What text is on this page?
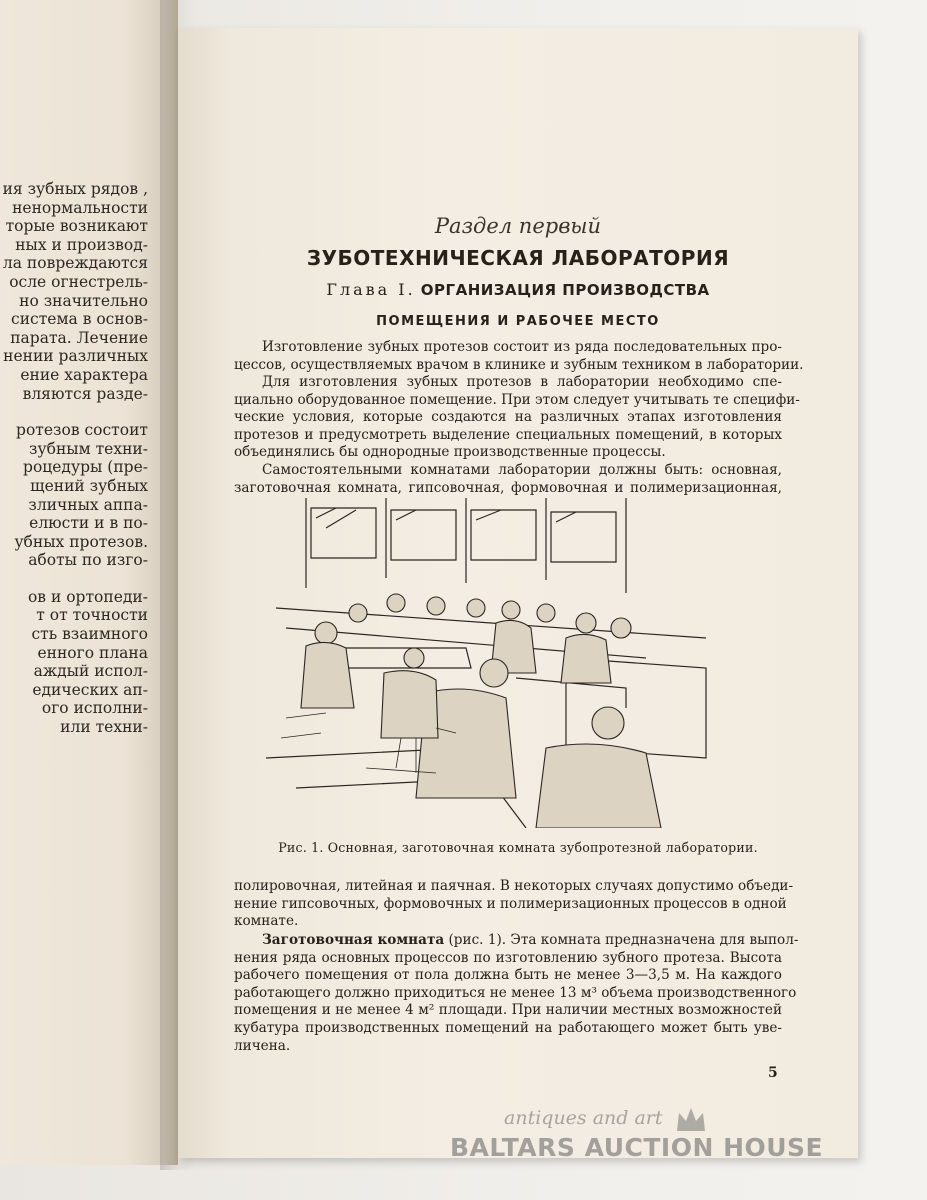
ия зубных рядов ,
ненормальности
торые возникают
ных и производ-
ла повреждаются
осле огнестрель-
но значительно
система в основ-
парата. Лечение
нении различных
ение характера
вляются разде-
ротезов состоит
зубным техни-
роцедуры (пре-
щений зубных
зличных аппа-
елюсти и в по-
убных протезов.
аботы по изго-
ов и ортопеди-
т от точности
сть взаимного
енного плана
аждый испол-
едических ап-
ого исполни-
или техни-
Раздел первый
ЗУБОТЕХНИЧЕСКАЯ ЛАБОРАТОРИЯ
Глава I. ОРГАНИЗАЦИЯ ПРОИЗВОДСТВА
ПОМЕЩЕНИЯ И РАБОЧЕЕ МЕСТО
Изготовление зубных протезов состоит из ряда последовательных про-
цессов, осуществляемых врачом в клинике и зубным техником в лаборатории.
Для изготовления зубных протезов в лаборатории необходимо спе-
циально оборудованное помещение. При этом следует учитывать те специфи-
ческие условия, которые создаются на различных этапах изготовления
протезов и предусмотреть выделение специальных помещений, в которых
объединялись бы однородные производственные процессы.
Самостоятельными комнатами лаборатории должны быть: основная,
заготовочная комната, гипсовочная, формовочная и полимеризационная,
Рис. 1. Основная, заготовочная комната зубопротезной лаборатории.
полировочная, литейная и паячная. В некоторых случаях допустимо объеди-
нение гипсовочных, формовочных и полимеризационных процессов в одной
комнате.
Заготовочная комната (рис. 1). Эта комната предназначена для выпол-
нения ряда основных процессов по изготовлению зубного протеза. Высота
рабочего помещения от пола должна быть не менее 3—3,5 м. На каждого
работающего должно приходиться не менее 13 м³ объема производственного
помещения и не менее 4 м² площади. При наличии местных возможностей
кубатура производственных помещений на работающего может быть уве-
личена.
5
antiques and art
BALTARS AUCTION HOUSE
